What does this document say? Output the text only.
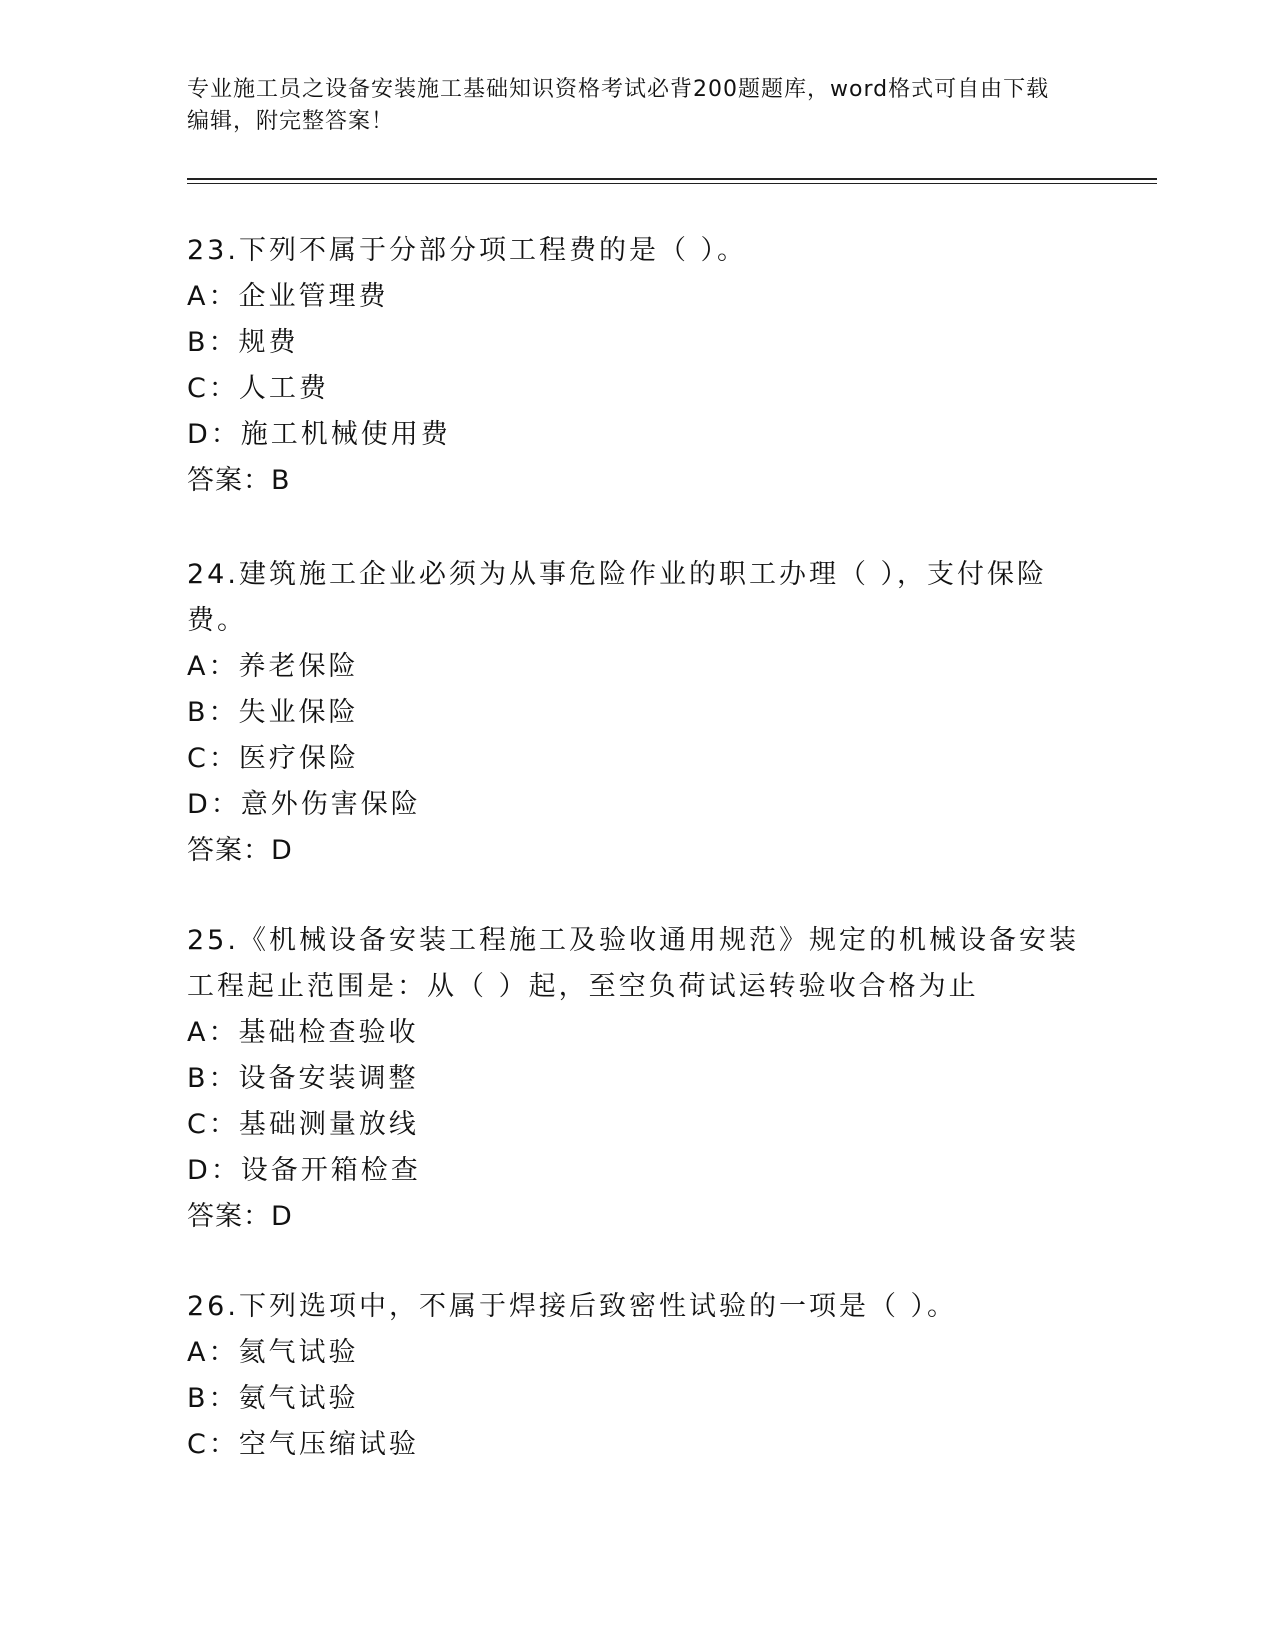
专业施工员之设备安装施工基础知识资格考试必背200题题库，word格式可自由下载编辑，附完整答案！

23.下列不属于分部分项工程费的是（ ）。

A：企业管理费

B：规费

C：人工费

D：施工机械使用费

答案：B

24.建筑施工企业必须为从事危险作业的职工办理（ ），支付保险费。

A：养老保险

B：失业保险

C：医疗保险

D：意外伤害保险

答案：D

25.《机械设备安装工程施工及验收通用规范》规定的机械设备安装工程起止范围是：从（ ）起，至空负荷试运转验收合格为止

A：基础检查验收

B：设备安装调整

C：基础测量放线

D：设备开箱检查

答案：D

26.下列选项中，不属于焊接后致密性试验的一项是（ ）。

A：氦气试验

B：氨气试验

C：空气压缩试验
